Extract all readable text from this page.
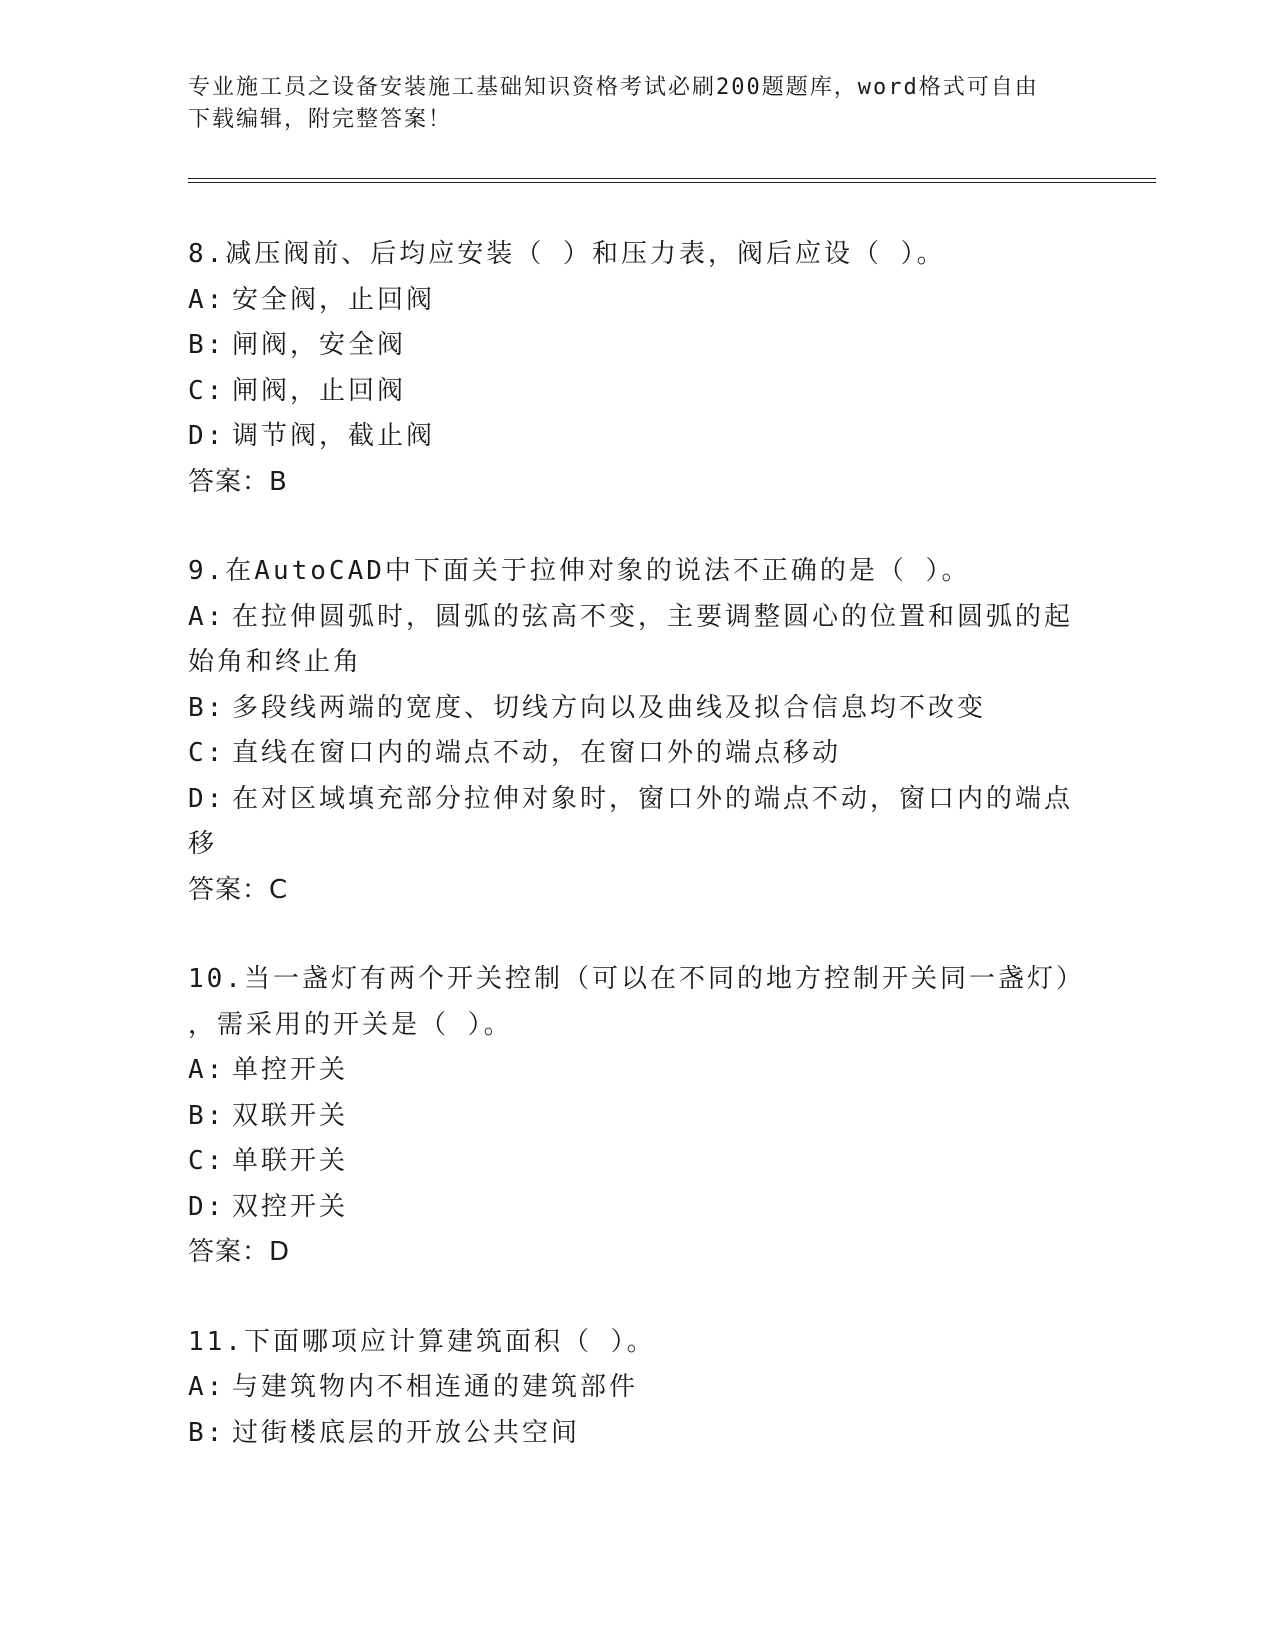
专业施工员之设备安装施工基础知识资格考试必刷200题题库，word格式可自由
下载编辑，附完整答案！
8.减压阀前、后均应安装（ ）和压力表，阀后应设（ ）。
A: 安全阀，止回阀
B: 闸阀，安全阀
C: 闸阀，止回阀
D: 调节阀，截止阀
答案：B
9.在AutoCAD中下面关于拉伸对象的说法不正确的是（ ）。
A: 在拉伸圆弧时，圆弧的弦高不变，主要调整圆心的位置和圆弧的起
始角和终止角
B: 多段线两端的宽度、切线方向以及曲线及拟合信息均不改变
C: 直线在窗口内的端点不动，在窗口外的端点移动
D: 在对区域填充部分拉伸对象时，窗口外的端点不动，窗口内的端点
移
答案：C
10.当一盏灯有两个开关控制（可以在不同的地方控制开关同一盏灯）
，需采用的开关是（ ）。
A: 单控开关
B: 双联开关
C: 单联开关
D: 双控开关
答案：D
11.下面哪项应计算建筑面积（ ）。
A: 与建筑物内不相连通的建筑部件
B: 过街楼底层的开放公共空间
